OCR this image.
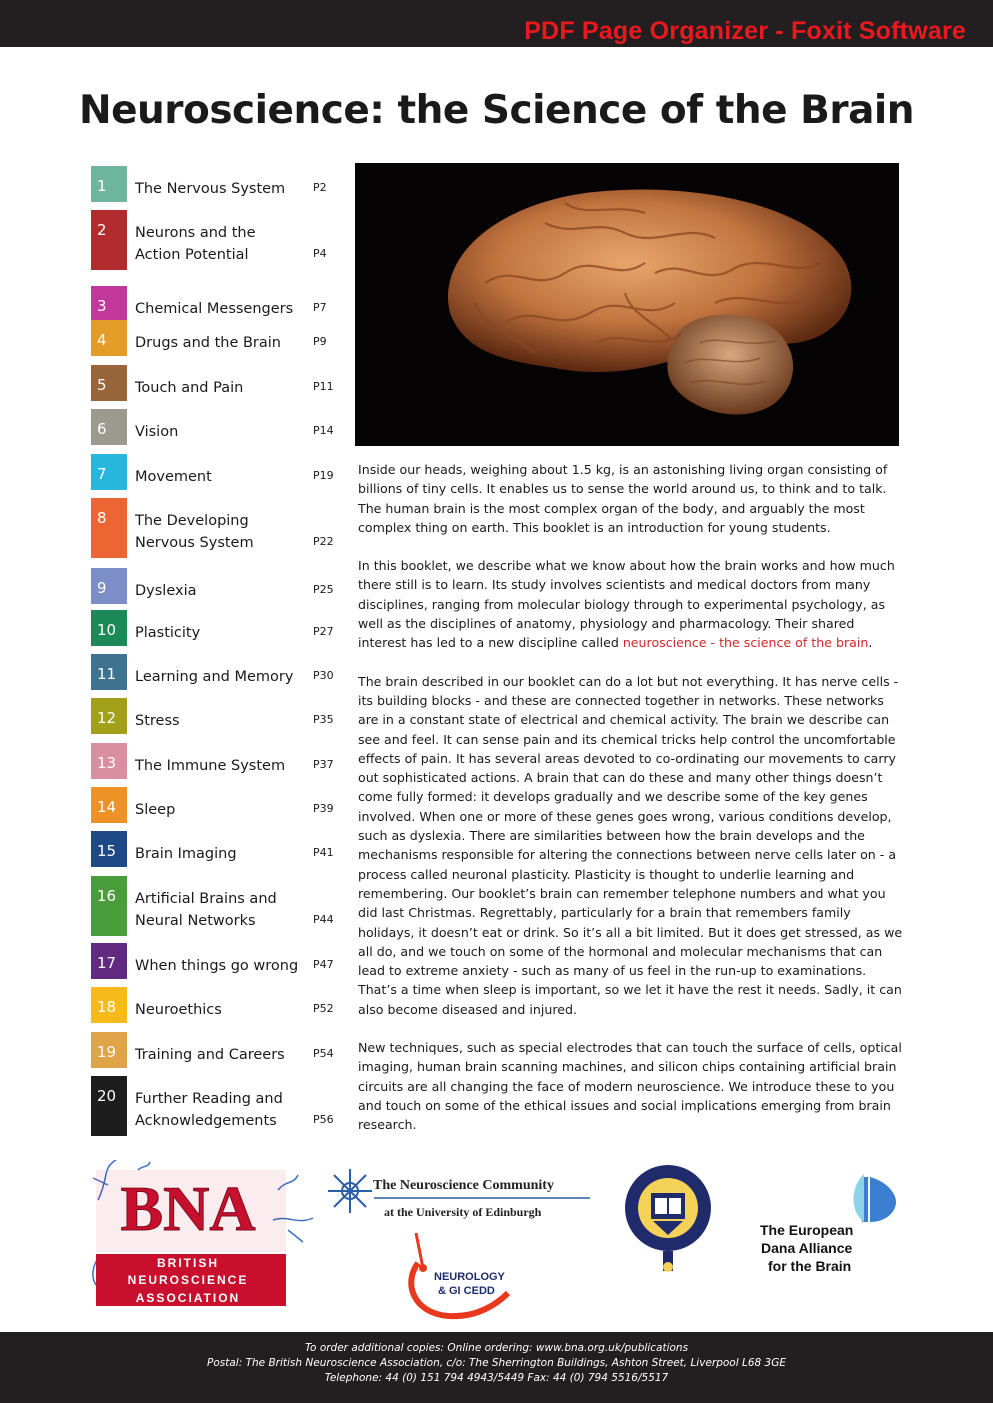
PDF Page Organizer - Foxit Software
Neuroscience: the Science of the Brain
1	The Nervous System	P2
2	Neurons and the Action Potential	P4
3	Chemical Messengers	P7
4	Drugs and the Brain	P9
5	Touch and Pain	P11
6	Vision	P14
7	Movement	P19
8	The Developing Nervous System	P22
9	Dyslexia	P25
10	Plasticity	P27
11	Learning and Memory	P30
12	Stress	P35
13	The Immune System	P37
14	Sleep	P39
15	Brain Imaging	P41
16	Artificial Brains and Neural Networks	P44
17	When things go wrong	P47
18	Neuroethics	P52
19	Training and Careers	P54
20	Further Reading and Acknowledgements	P56

Inside our heads, weighing about 1.5 kg, is an astonishing living organ consisting of billions of tiny cells. It enables us to sense the world around us, to think and to talk. The human brain is the most complex organ of the body, and arguably the most complex thing on earth. This booklet is an introduction for young students.

In this booklet, we describe what we know about how the brain works and how much there still is to learn. Its study involves scientists and medical doctors from many disciplines, ranging from molecular biology through to experimental psychology, as well as the disciplines of anatomy, physiology and pharmacology. Their shared interest has led to a new discipline called neuroscience - the science of the brain.

The brain described in our booklet can do a lot but not everything. It has nerve cells - its building blocks - and these are connected together in networks. These networks are in a constant state of electrical and chemical activity. The brain we describe can see and feel. It can sense pain and its chemical tricks help control the uncomfortable effects of pain. It has several areas devoted to co-ordinating our movements to carry out sophisticated actions. A brain that can do these and many other things doesn’t come fully formed: it develops gradually and we describe some of the key genes involved. When one or more of these genes goes wrong, various conditions develop, such as dyslexia. There are similarities between how the brain develops and the mechanisms responsible for altering the connections between nerve cells later on - a process called neuronal plasticity. Plasticity is thought to underlie learning and remembering. Our booklet’s brain can remember telephone numbers and what you did last Christmas. Regrettably, particularly for a brain that remembers family holidays, it doesn’t eat or drink. So it’s all a bit limited. But it does get stressed, as we all do, and we touch on some of the hormonal and molecular mechanisms that can lead to extreme anxiety - such as many of us feel in the run-up to examinations. That’s a time when sleep is important, so we let it have the rest it needs. Sadly, it can also become diseased and injured.

New techniques, such as special electrodes that can touch the surface of cells, optical imaging, human brain scanning machines, and silicon chips containing artificial brain circuits are all changing the face of modern neuroscience. We introduce these to you and touch on some of the ethical issues and social implications emerging from brain research.

BNA
BRITISH
NEUROSCIENCE
ASSOCIATION
The Neuroscience Community
at the University of Edinburgh
NEUROLOGY
& GI CEDD
The European
Dana Alliance
for the Brain
To order additional copies: Online ordering: www.bna.org.uk/publications
Postal: The British Neuroscience Association, c/o: The Sherrington Buildings, Ashton Street, Liverpool L68 3GE
Telephone: 44 (0) 151 794 4943/5449 Fax: 44 (0) 794 5516/5517
